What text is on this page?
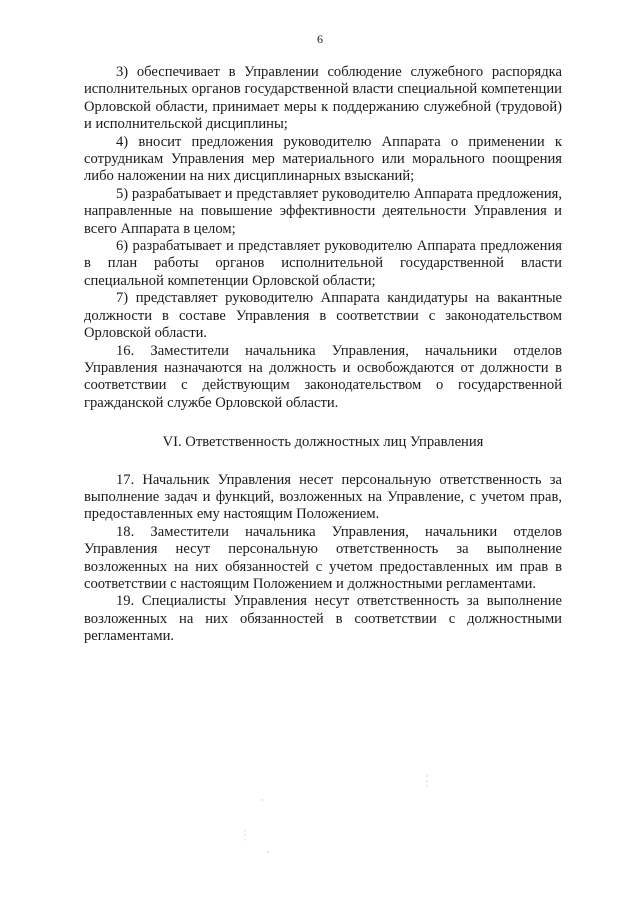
6

3) обеспечивает в Управлении соблюдение служебного распорядка исполнительных органов государственной власти специальной компетенции Орловской области, принимает меры к поддержанию служебной (трудовой) и исполнительской дисциплины;

4) вносит предложения руководителю Аппарата о применении к сотрудникам Управления мер материального или морального поощрения либо наложении на них дисциплинарных взысканий;

5) разрабатывает и представляет руководителю Аппарата предложения, направленные на повышение эффективности деятельности Управления и всего Аппарата в целом;

6) разрабатывает и представляет руководителю Аппарата предложения в план работы органов исполнительной государственной власти специальной компетенции Орловской области;

7) представляет руководителю Аппарата кандидатуры на вакантные должности в составе Управления в соответствии с законодательством Орловской области.

16. Заместители начальника Управления, начальники отделов Управления назначаются на должность и освобождаются от должности в соответствии с действующим законодательством о государственной гражданской службе Орловской области.

VI. Ответственность должностных лиц Управления

17. Начальник Управления несет персональную ответственность за выполнение задач и функций, возложенных на Управление, с учетом прав, предоставленных ему настоящим Положением.

18. Заместители начальника Управления, начальники отделов Управления несут персональную ответственность за выполнение возложенных на них обязанностей с учетом предоставленных им прав в соответствии с настоящим Положением и должностными регламентами.

19. Специалисты Управления несут ответственность за выполнение возложенных на них обязанностей в соответствии с должностными регламентами.
